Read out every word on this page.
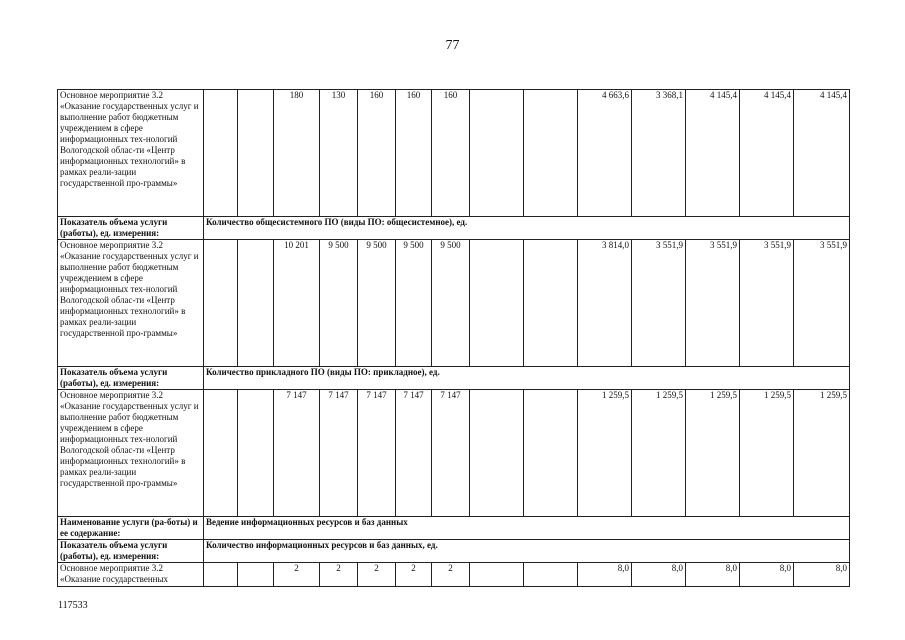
77
Основное мероприятие 3.2 «Оказание государственных услуг и выполнение работ бюджетным учреждением в сфере информационных тех-нологий Вологодской облас-ти «Центр информационных технологий» в рамках реали-зации государственной про-граммы»			180	130	160	160	160			4 663,6	3 368,1	4 145,4	4 145,4	4 145,4
Показатель объема услуги (работы), ед. измерения:	Количество общесистемного ПО (виды ПО: общесистемное), ед.													
Основное мероприятие 3.2 «Оказание государственных услуг и выполнение работ бюджетным учреждением в сфере информационных тех-нологий Вологодской облас-ти «Центр информационных технологий» в рамках реали-зации государственной про-граммы»			10 201	9 500	9 500	9 500	9 500			3 814,0	3 551,9	3 551,9	3 551,9	3 551,9
Показатель объема услуги (работы), ед. измерения:	Количество прикладного ПО (виды ПО: прикладное), ед.													
Основное мероприятие 3.2 «Оказание государственных услуг и выполнение работ бюджетным учреждением в сфере информационных тех-нологий Вологодской облас-ти «Центр информационных технологий» в рамках реали-зации государственной про-граммы»			7 147	7 147	7 147	7 147	7 147			1 259,5	1 259,5	1 259,5	1 259,5	1 259,5
Наименование услуги (ра-боты) и ее содержание:	Ведение информационных ресурсов и баз данных													
Показатель объема услуги (работы), ед. измерения:	Количество информационных ресурсов и баз данных, ед.													
Основное мероприятие 3.2 «Оказание государственных			2	2	2	2	2			8,0	8,0	8,0	8,0	8,0
117533
